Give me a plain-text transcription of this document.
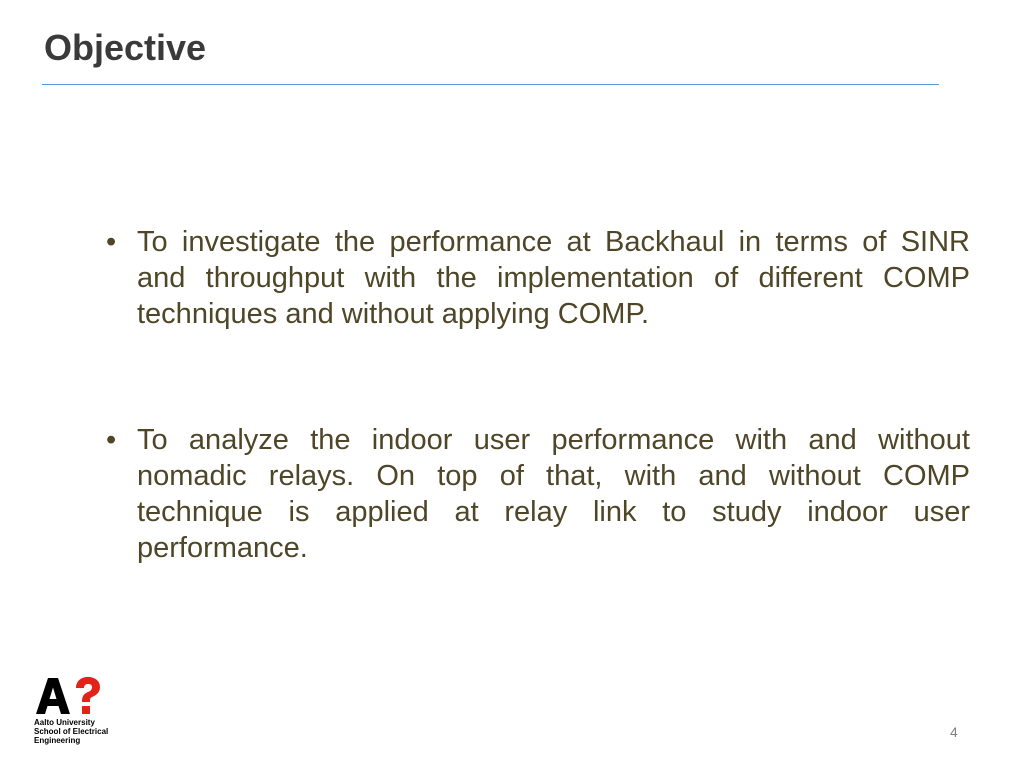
Objective
• To investigate the performance at Backhaul in terms of SINR and throughput with the implementation of different COMP techniques and without applying COMP.
• To analyze the indoor user performance with and without nomadic relays. On top of that, with and without COMP technique is applied at relay link to study indoor user performance.
Aalto University
School of Electrical
Engineering
4
